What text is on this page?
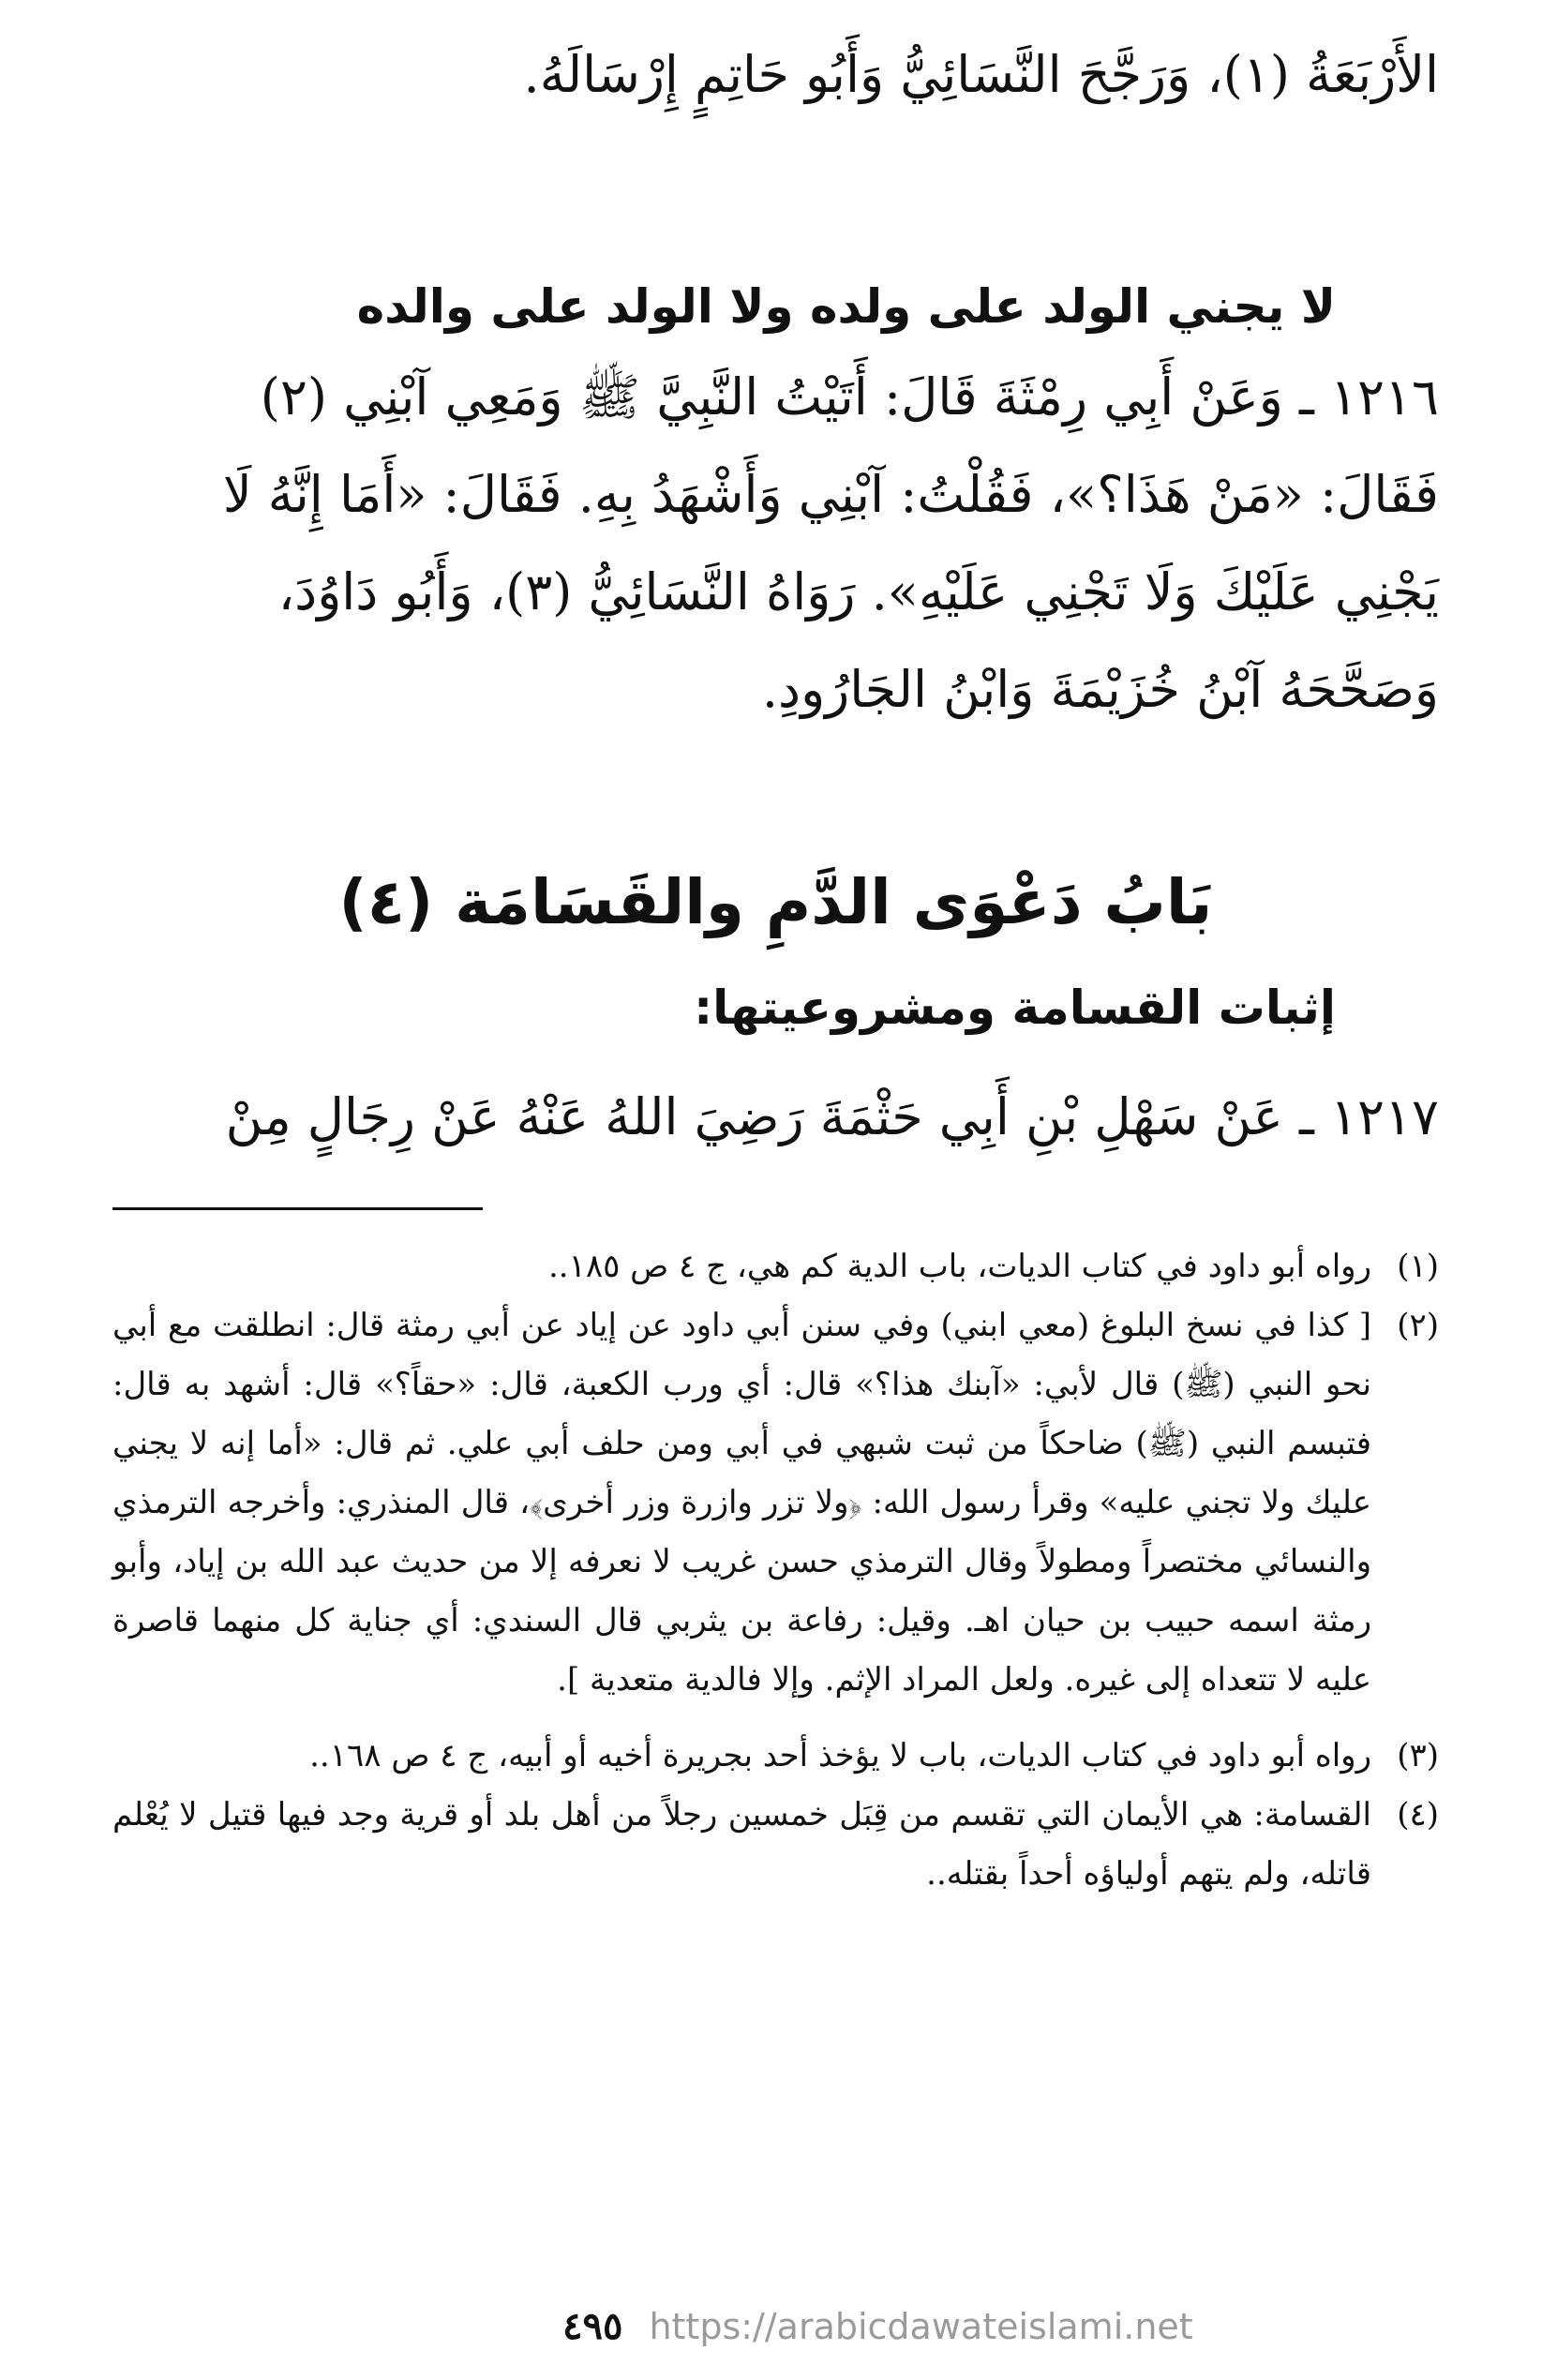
الأَرْبَعَةُ (١)، وَرَجَّحَ النَّسَائِيُّ وَأَبُو حَاتِمٍ إِرْسَالَهُ.
لا يجني الولد على ولده ولا الولد على والده
١٢١٦ ـ وَعَنْ أَبِي رِمْثَةَ قَالَ: أَتَيْتُ النَّبِيَّ ﷺ وَمَعِي آبْنِي (٢)
فَقَالَ: «مَنْ هَذَا؟»، فَقُلْتُ: آبْنِي وَأَشْهَدُ بِهِ. فَقَالَ: «أَمَا إِنَّهُ لَا
يَجْنِي عَلَيْكَ وَلَا تَجْنِي عَلَيْهِ». رَوَاهُ النَّسَائِيُّ (٣)، وَأَبُو دَاوُدَ،
وَصَحَّحَهُ آبْنُ خُزَيْمَةَ وَابْنُ الجَارُودِ.
بَابُ دَعْوَى الدَّمِ والقَسَامَة (٤)
إثبات القسامة ومشروعيتها:
١٢١٧ ـ عَنْ سَهْلِ بْنِ أَبِي حَثْمَةَ رَضِيَ اللهُ عَنْهُ عَنْ رِجَالٍ مِنْ
(١)
رواه أبو داود في كتاب الديات، باب الدية كم هي، ج ٤ ص ١٨٥..
(٢)
[ كذا في نسخ البلوغ (معي ابني) وفي سنن أبي داود عن إياد عن أبي رمثة قال: انطلقت مع أبي نحو النبي (ﷺ) قال لأبي: «آبنك هذا؟» قال: أي ورب الكعبة، قال: «حقاً؟» قال: أشهد به قال: فتبسم النبي (ﷺ) ضاحكاً من ثبت شبهي في أبي ومن حلف أبي علي. ثم قال: «أما إنه لا يجني عليك ولا تجني عليه» وقرأ رسول الله: ﴿ولا تزر وازرة وزر أخرى﴾، قال المنذري: وأخرجه الترمذي والنسائي مختصراً ومطولاً وقال الترمذي حسن غريب لا نعرفه إلا من حديث عبد الله بن إياد، وأبو رمثة اسمه حبيب بن حيان اهـ. وقيل: رفاعة بن يثربي قال السندي: أي جناية كل منهما قاصرة عليه لا تتعداه إلى غيره. ولعل المراد الإثم. وإلا فالدية متعدية ].
(٣)
رواه أبو داود في كتاب الديات، باب لا يؤخذ أحد بجريرة أخيه أو أبيه، ج ٤ ص ١٦٨..
(٤)
القسامة: هي الأيمان التي تقسم من قِبَل خمسين رجلاً من أهل بلد أو قرية وجد فيها قتيل لا يُعْلم قاتله، ولم يتهم أولياؤه أحداً بقتله..
٤٩٥ https://arabicdawateislami.net
